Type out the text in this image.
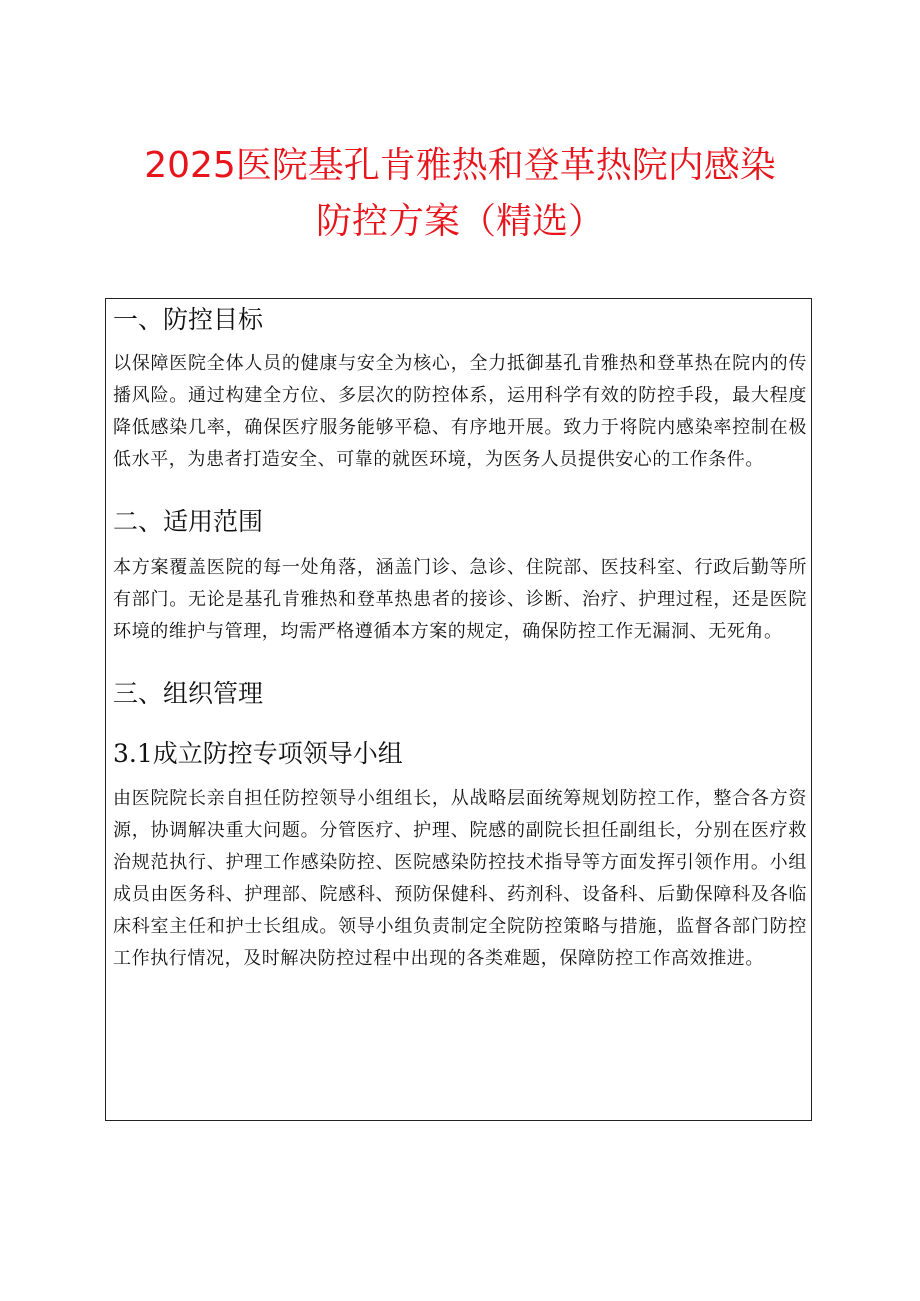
2025医院基孔肯雅热和登革热院内感染
防控方案（精选）
一、防控目标

以保障医院全体人员的健康与安全为核心，全力抵御基孔肯雅热和登革热在院内的传播风险。通过构建全方位、多层次的防控体系，运用科学有效的防控手段，最大程度降低感染几率，确保医疗服务能够平稳、有序地开展。致力于将院内感染率控制在极低水平，为患者打造安全、可靠的就医环境，为医务人员提供安心的工作条件。

二、适用范围

本方案覆盖医院的每一处角落，涵盖门诊、急诊、住院部、医技科室、行政后勤等所有部门。无论是基孔肯雅热和登革热患者的接诊、诊断、治疗、护理过程，还是医院环境的维护与管理，均需严格遵循本方案的规定，确保防控工作无漏洞、无死角。

三、组织管理
3.1成立防控专项领导小组

由医院院长亲自担任防控领导小组组长，从战略层面统筹规划防控工作，整合各方资源，协调解决重大问题。分管医疗、护理、院感的副院长担任副组长，分别在医疗救治规范执行、护理工作感染防控、医院感染防控技术指导等方面发挥引领作用。小组成员由医务科、护理部、院感科、预防保健科、药剂科、设备科、后勤保障科及各临床科室主任和护士长组成。领导小组负责制定全院防控策略与措施，监督各部门防控工作执行情况，及时解决防控过程中出现的各类难题，保障防控工作高效推进。
